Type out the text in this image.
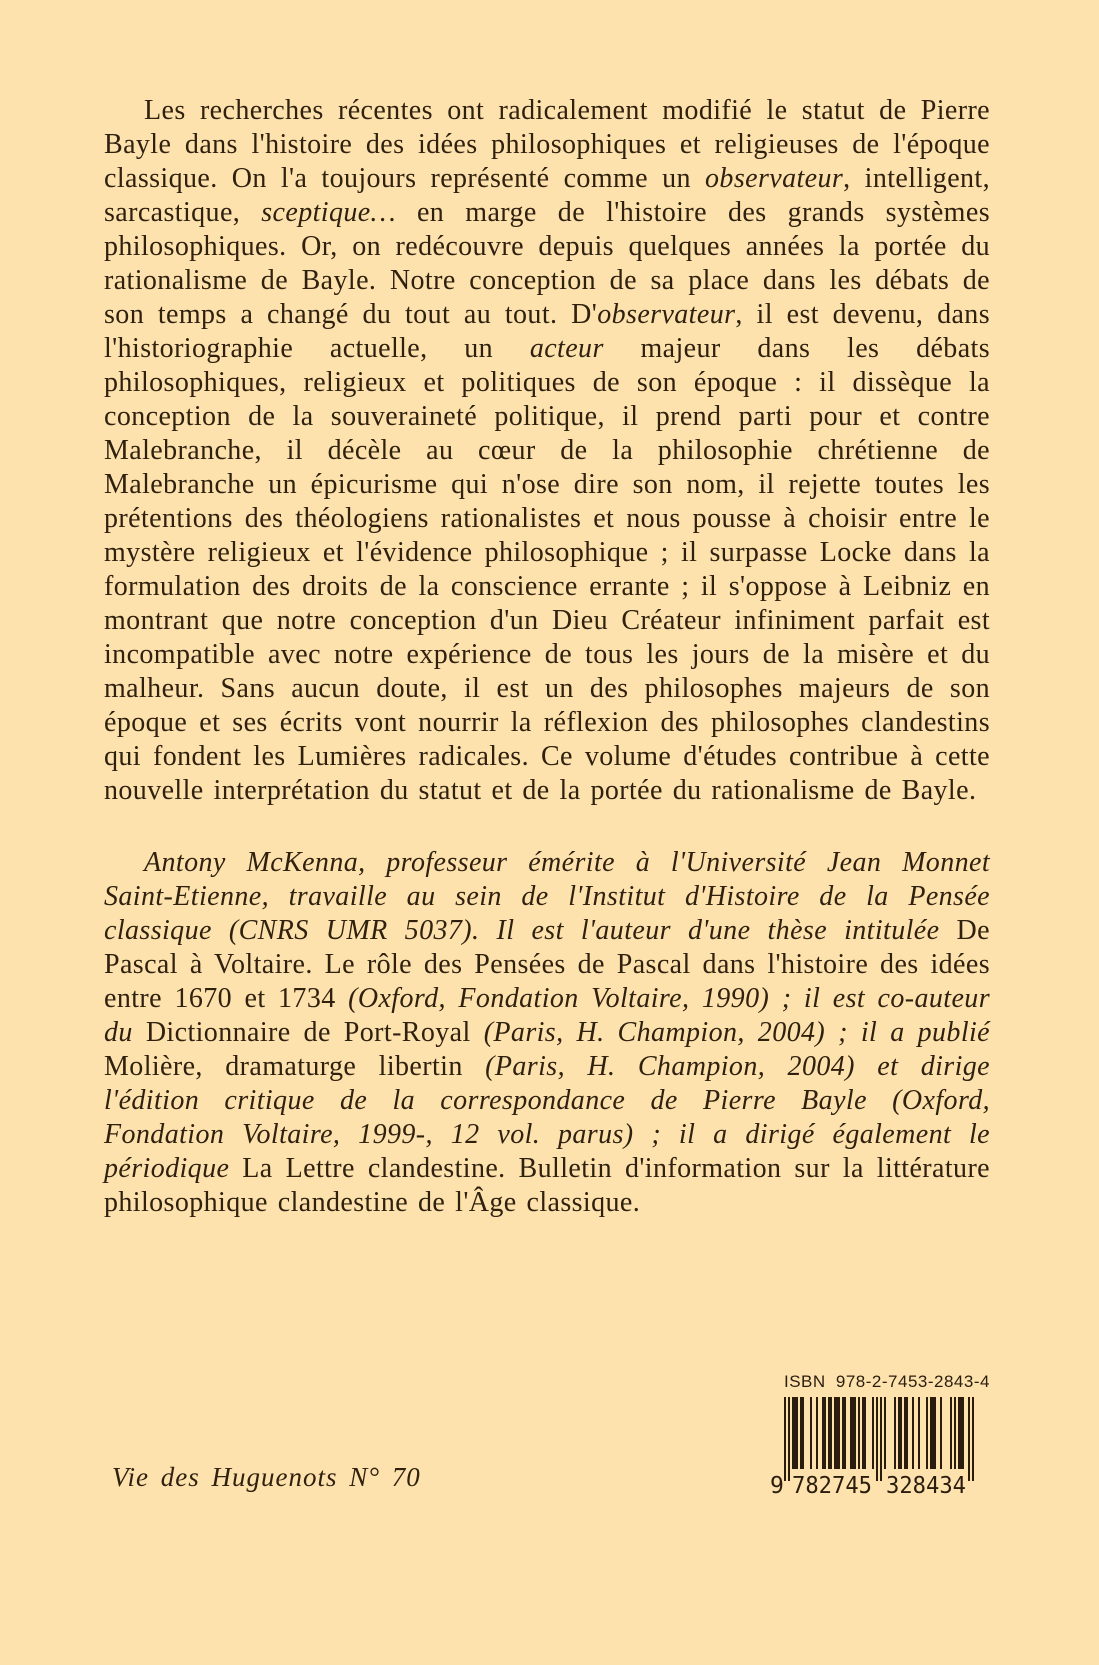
Les recherches récentes ont radicalement modifié le statut de Pierre Bayle dans l'histoire des idées philosophiques et religieuses de l'époque classique. On l'a toujours représenté comme un observateur, intelligent, sarcastique, sceptique… en marge de l'histoire des grands systèmes philosophiques. Or, on redécouvre depuis quelques années la portée du rationalisme de Bayle. Notre conception de sa place dans les débats de son temps a changé du tout au tout. D'observateur, il est devenu, dans l'historiographie actuelle, un acteur majeur dans les débats philosophiques, religieux et politiques de son époque : il dissèque la conception de la souveraineté politique, il prend parti pour et contre Malebranche, il décèle au cœur de la philosophie chrétienne de Malebranche un épicurisme qui n'ose dire son nom, il rejette toutes les prétentions des théologiens rationalistes et nous pousse à choisir entre le mystère religieux et l'évidence philosophique ; il surpasse Locke dans la formulation des droits de la conscience errante ; il s'oppose à Leibniz en montrant que notre conception d'un Dieu Créateur infiniment parfait est incompatible avec notre expérience de tous les jours de la misère et du malheur. Sans aucun doute, il est un des philosophes majeurs de son époque et ses écrits vont nourrir la réflexion des philosophes clandestins qui fondent les Lumières radicales. Ce volume d'études contribue à cette nouvelle interprétation du statut et de la portée du rationalisme de Bayle.

Antony McKenna, professeur émérite à l'Université Jean Monnet Saint-Etienne, travaille au sein de l'Institut d'Histoire de la Pensée classique (CNRS UMR 5037). Il est l'auteur d'une thèse intitulée De Pascal à Voltaire. Le rôle des Pensées de Pascal dans l'histoire des idées entre 1670 et 1734 (Oxford, Fondation Voltaire, 1990) ; il est co-auteur du Dictionnaire de Port-Royal (Paris, H. Champion, 2004) ; il a publié Molière, dramaturge libertin (Paris, H. Champion, 2004) et dirige l'édition critique de la correspondance de Pierre Bayle (Oxford, Fondation Voltaire, 1999-, 12 vol. parus) ; il a dirigé également le périodique La Lettre clandestine. Bulletin d'information sur la littérature philosophique clandestine de l'Âge classique.

Vie des Huguenots N° 70
ISBN 978-2-7453-2843-4
9 782745 328434
